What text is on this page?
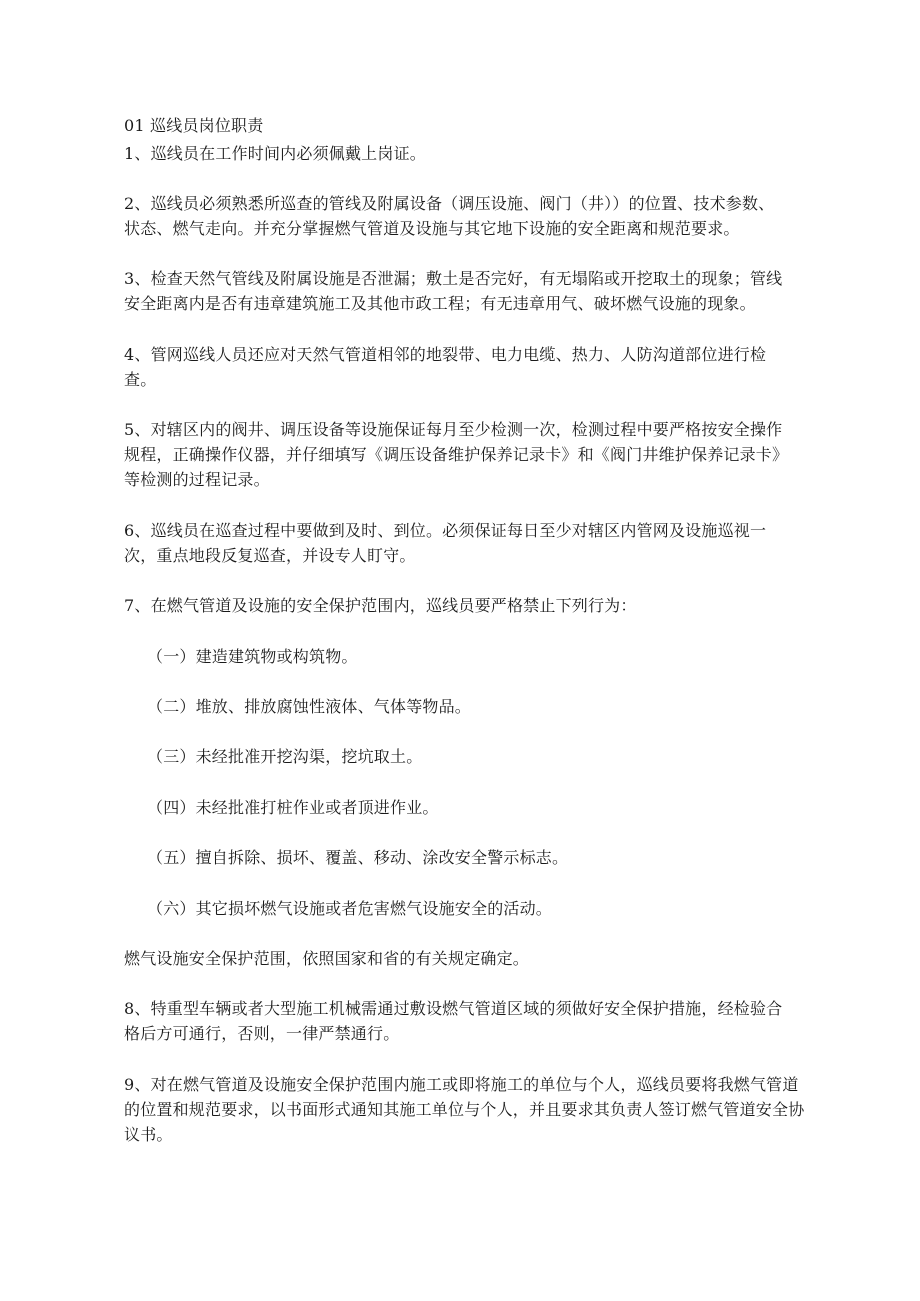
01 巡线员岗位职责
1、巡线员在工作时间内必须佩戴上岗证。
2、巡线员必须熟悉所巡查的管线及附属设备（调压设施、阀门（井））的位置、技术参数、
状态、燃气走向。并充分掌握燃气管道及设施与其它地下设施的安全距离和规范要求。
3、检查天然气管线及附属设施是否泄漏；敷土是否完好，有无塌陷或开挖取土的现象；管线
安全距离内是否有违章建筑施工及其他市政工程；有无违章用气、破坏燃气设施的现象。
4、管网巡线人员还应对天然气管道相邻的地裂带、电力电缆、热力、人防沟道部位进行检
查。
5、对辖区内的阀井、调压设备等设施保证每月至少检测一次，检测过程中要严格按安全操作
规程，正确操作仪器，并仔细填写《调压设备维护保养记录卡》和《阀门井维护保养记录卡》
等检测的过程记录。
6、巡线员在巡查过程中要做到及时、到位。必须保证每日至少对辖区内管网及设施巡视一
次，重点地段反复巡查，并设专人盯守。
7、在燃气管道及设施的安全保护范围内，巡线员要严格禁止下列行为：
（一）建造建筑物或构筑物。
（二）堆放、排放腐蚀性液体、气体等物品。
（三）未经批准开挖沟渠，挖坑取土。
（四）未经批准打桩作业或者顶进作业。
（五）擅自拆除、损坏、覆盖、移动、涂改安全警示标志。
（六）其它损坏燃气设施或者危害燃气设施安全的活动。
燃气设施安全保护范围，依照国家和省的有关规定确定。
8、特重型车辆或者大型施工机械需通过敷设燃气管道区域的须做好安全保护措施，经检验合
格后方可通行，否则，一律严禁通行。
9、对在燃气管道及设施安全保护范围内施工或即将施工的单位与个人，巡线员要将我燃气管道
的位置和规范要求，以书面形式通知其施工单位与个人，并且要求其负责人签订燃气管道安全协
议书。
